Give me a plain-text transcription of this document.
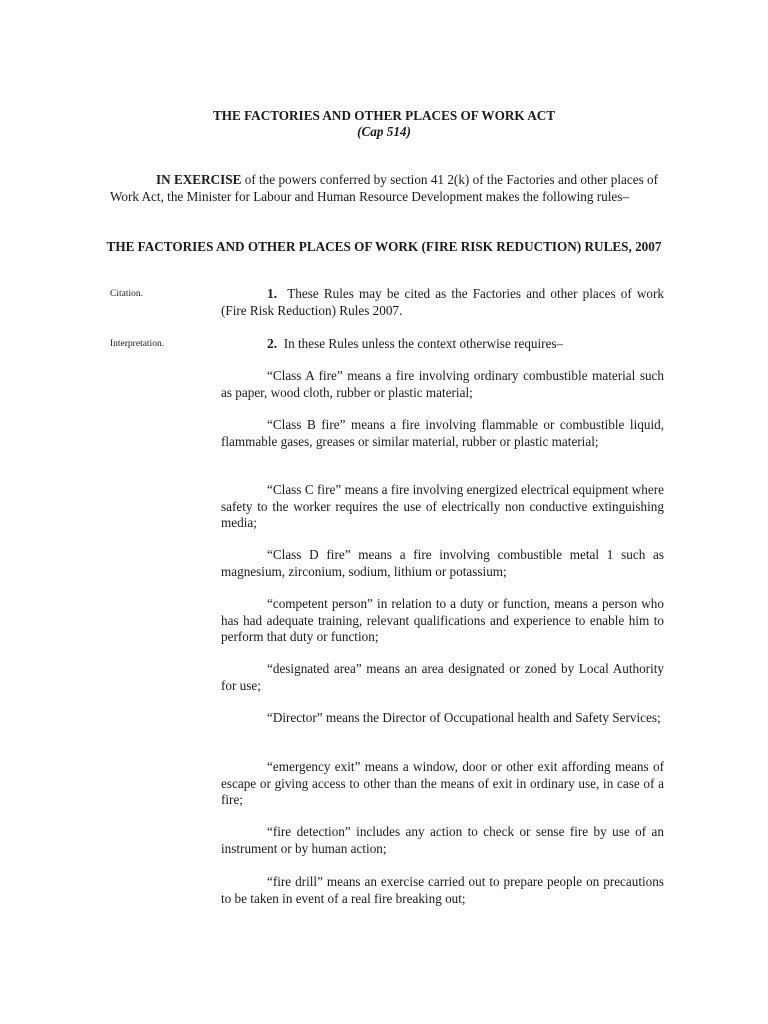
THE FACTORIES AND OTHER PLACES OF WORK ACT
(Cap 514)
IN EXERCISE of the powers conferred by section 41 2(k) of the Factories and other places of Work Act, the Minister for Labour and Human Resource Development makes the following rules–
THE FACTORIES AND OTHER PLACES OF WORK (FIRE RISK REDUCTION) RULES, 2007
Citation.	1. These Rules may be cited as the Factories and other places of work (Fire Risk Reduction) Rules 2007.
Interpretation.	2. In these Rules unless the context otherwise requires–
“Class A fire” means a fire involving ordinary combustible material such as paper, wood cloth, rubber or plastic material;
“Class B fire” means a fire involving flammable or combustible liquid, flammable gases, greases or similar material, rubber or plastic material;
“Class C fire” means a fire involving energized electrical equipment where safety to the worker requires the use of electrically non conductive extinguishing media;
“Class D fire” means a fire involving combustible metal 1 such as magnesium, zirconium, sodium, lithium or potassium;
“competent person” in relation to a duty or function, means a person who has had adequate training, relevant qualifications and experience to enable him to perform that duty or function;
“designated area” means an area designated or zoned by Local Authority for use;
“Director” means the Director of Occupational health and Safety Services;
“emergency exit” means a window, door or other exit affording means of escape or giving access to other than the means of exit in ordinary use, in case of a fire;
“fire detection” includes any action to check or sense fire by use of an instrument or by human action;
“fire drill” means an exercise carried out to prepare people on precautions to be taken in event of a real fire breaking out;
